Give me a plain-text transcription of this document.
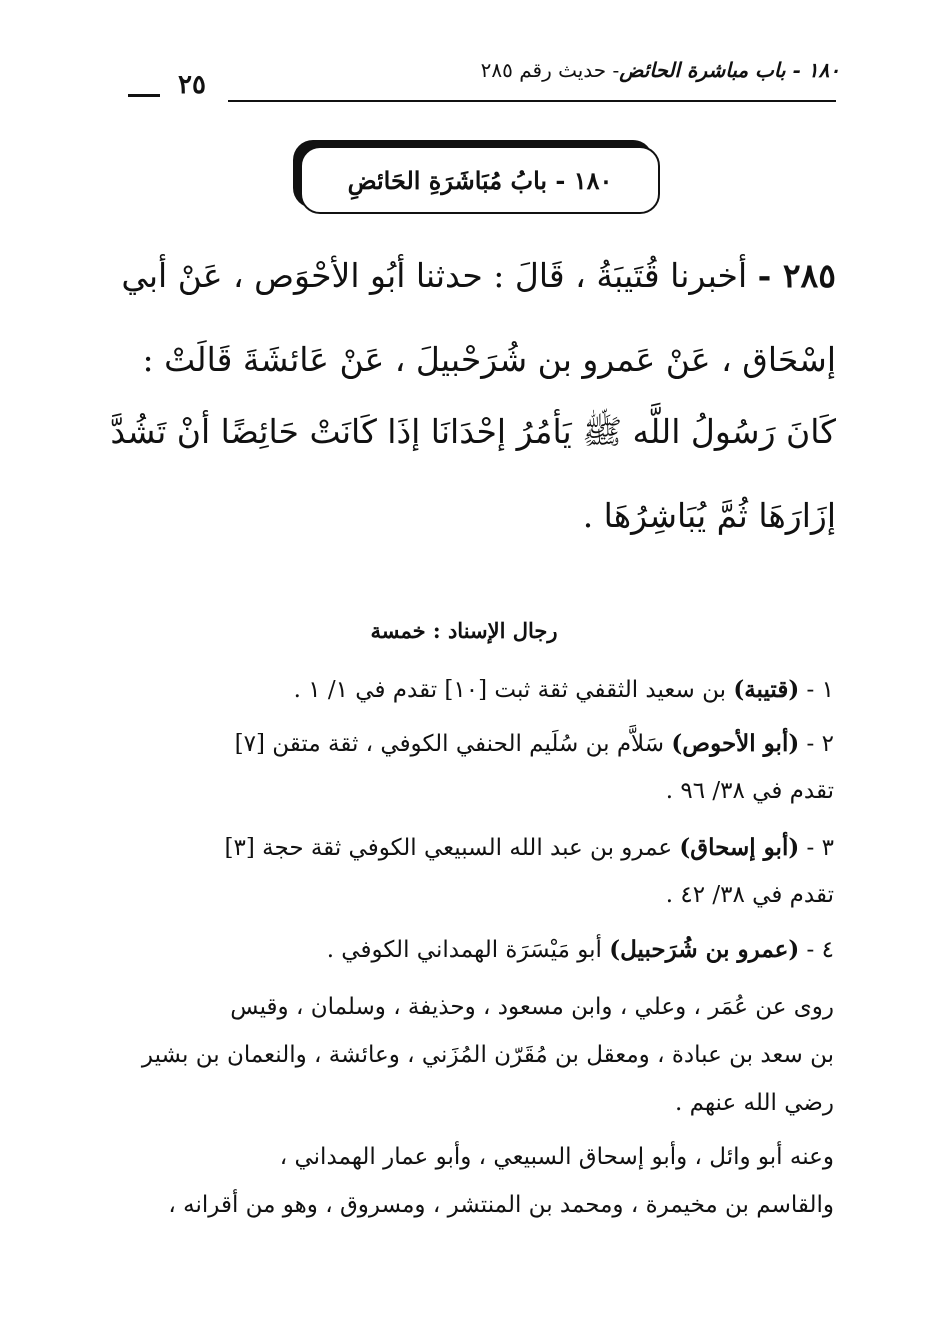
٢٥	١٨٠ - باب مباشرة الحائض- حديث رقم ٢٨٥
١٨٠ - بابُ مُبَاشَرَةِ الحَائضِ
٢٨٥ - أخبرنا قُتَيبَةُ ، قَالَ : حدثنا أبُو الأحْوَص ، عَنْ أبي
إسْحَاق ، عَنْ عَمرو بن شُرَحْبيلَ ، عَنْ عَائشَةَ قَالَتْ :
كَانَ رَسُولُ اللَّه ﷺ يَأمُرُ إحْدَانَا إذَا كَانَتْ حَائِضًا أنْ تَشُدَّ
إزَارَهَا ثُمَّ يُبَاشِرُهَا .
رجال الإسناد : خمسة
١ - (قتيبة) بن سعيد الثقفي ثقة ثبت [١٠] تقدم في ١/ ١ .
٢ - (أبو الأحوص) سَلاَّم بن سُلَيم الحنفي الكوفي ، ثقة متقن [٧]
تقدم في ٣٨/ ٩٦ .
٣ - (أبو إسحاق) عمرو بن عبد الله السبيعي الكوفي ثقة حجة [٣]
تقدم في ٣٨/ ٤٢ .
٤ - (عمرو بن شُرَحبيل) أبو مَيْسَرَة الهمداني الكوفي .
روى عن عُمَر ، وعلي ، وابن مسعود ، وحذيفة ، وسلمان ، وقيس
بن سعد بن عبادة ، ومعقل بن مُقَرّن المُزَني ، وعائشة ، والنعمان بن بشير
رضي الله عنهم .
وعنه أبو وائل ، وأبو إسحاق السبيعي ، وأبو عمار الهمداني ،
والقاسم بن مخيمرة ، ومحمد بن المنتشر ، ومسروق ، وهو من أقرانه ،
